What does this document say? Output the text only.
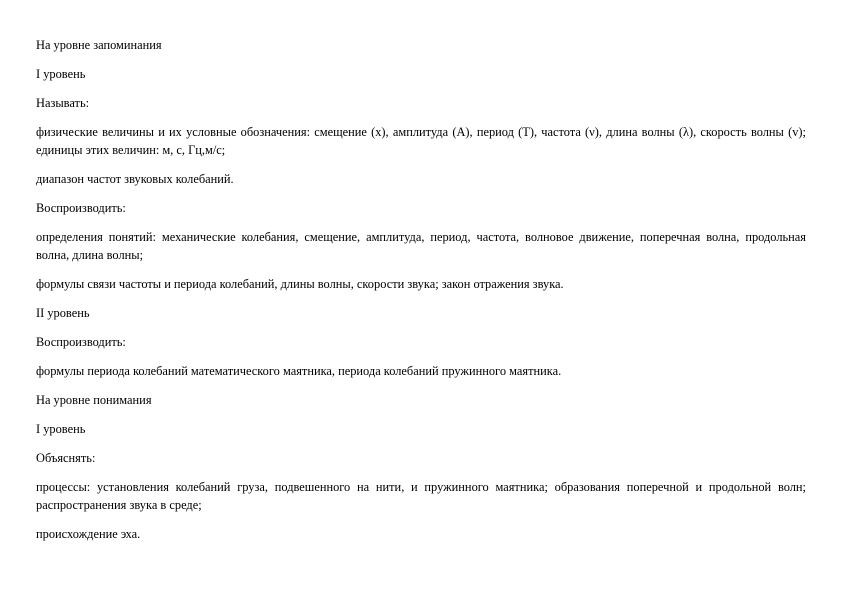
На уровне запоминания

I уровень

Называть:

физические величины и их условные обозначения: смещение (x), амплитуда (A), период (T), частота (ν), длина волны (λ), скорость волны (v); единицы этих величин: м, с, Гц,м/с;

диапазон частот звуковых колебаний.

Воспроизводить:

определения понятий: механические колебания, смещение, амплитуда, период, частота, волновое движение, поперечная волна, продольная волна, длина волны;

формулы связи частоты и периода колебаний, длины волны, скорости звука; закон отражения звука.

II уровень

Воспроизводить:

формулы периода колебаний математического маятника, периода колебаний пружинного маятника.

На уровне понимания

I уровень

Объяснять:

процессы: установления колебаний груза, подвешенного на нити, и пружинного маятника; образования поперечной и продольной волн; распространения звука в среде;

происхождение эха.
